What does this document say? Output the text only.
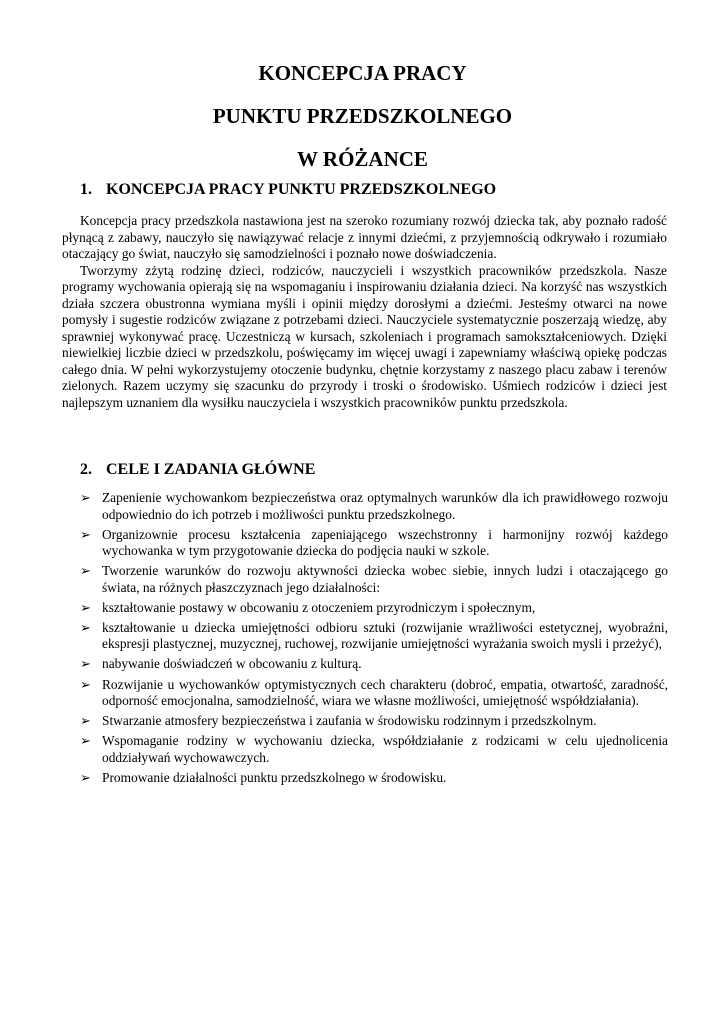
KONCEPCJA PRACY
PUNKTU PRZEDSZKOLNEGO
W RÓŻANCE
1. KONCEPCJA PRACY PUNKTU PRZEDSZKOLNEGO

Koncepcja pracy przedszkola nastawiona jest na szeroko rozumiany rozwój dziecka tak, aby poznało radość płynącą z zabawy, nauczyło się nawiązywać relacje z innymi dziećmi, z przyjemnością odkrywało i rozumiało otaczający go świat, nauczyło się samodzielności i poznało nowe doświadczenia.

Tworzymy zżytą rodzinę dzieci, rodziców, nauczycieli i wszystkich pracowników przedszkola. Nasze programy wychowania opierają się na wspomaganiu i inspirowaniu działania dzieci. Na korzyść nas wszystkich działa szczera obustronna wymiana myśli i opinii między dorosłymi a dziećmi. Jesteśmy otwarci na nowe pomysły i sugestie rodziców związane z potrzebami dzieci. Nauczyciele systematycznie poszerzają wiedzę, aby sprawniej wykonywać pracę. Uczestniczą w kursach, szkoleniach i programach samokształceniowych. Dzięki niewielkiej liczbie dzieci w przedszkolu, poświęcamy im więcej uwagi i zapewniamy właściwą opiekę podczas całego dnia. W pełni wykorzystujemy otoczenie budynku, chętnie korzystamy z naszego placu zabaw i terenów zielonych. Razem uczymy się szacunku do przyrody i troski o środowisko. Uśmiech rodziców i dzieci jest najlepszym uznaniem dla wysiłku nauczyciela i wszystkich pracowników punktu przedszkola.

2. CELE I ZADANIA GŁÓWNE
➢ Zapenienie wychowankom bezpieczeństwa oraz optymalnych warunków dla ich prawidłowego rozwoju odpowiednio do ich potrzeb i możliwości punktu przedszkolnego.
➢ Organizownie procesu kształcenia zapeniającego wszechstronny i harmonijny rozwój każdego wychowanka w tym przygotowanie dziecka do podjęcia nauki w szkole.
➢ Tworzenie warunków do rozwoju aktywności dziecka wobec siebie, innych ludzi i otaczającego go świata, na różnych płaszczyznach jego działalności:
➢ kształtowanie postawy w obcowaniu z otoczeniem przyrodniczym i społecznym,
➢ kształtowanie u dziecka umiejętności odbioru sztuki (rozwijanie wrażliwości estetycznej, wyobraźni, ekspresji plastycznej, muzycznej, ruchowej, rozwijanie umiejętności wyrażania swoich mysli i przeżyć),
➢ nabywanie doświadczeń w obcowaniu z kulturą.
➢ Rozwijanie u wychowanków optymistycznych cech charakteru (dobroć, empatia, otwartość, zaradność, odporność emocjonalna, samodzielność, wiara we własne możliwości, umiejętność współdziałania).
➢ Stwarzanie atmosfery bezpieczeństwa i zaufania w środowisku rodzinnym i przedszkolnym.
➢ Wspomaganie rodziny w wychowaniu dziecka, współdziałanie z rodzicami w celu ujednolicenia oddziaływań wychowawczych.
➢ Promowanie działalności punktu przedszkolnego w środowisku.
